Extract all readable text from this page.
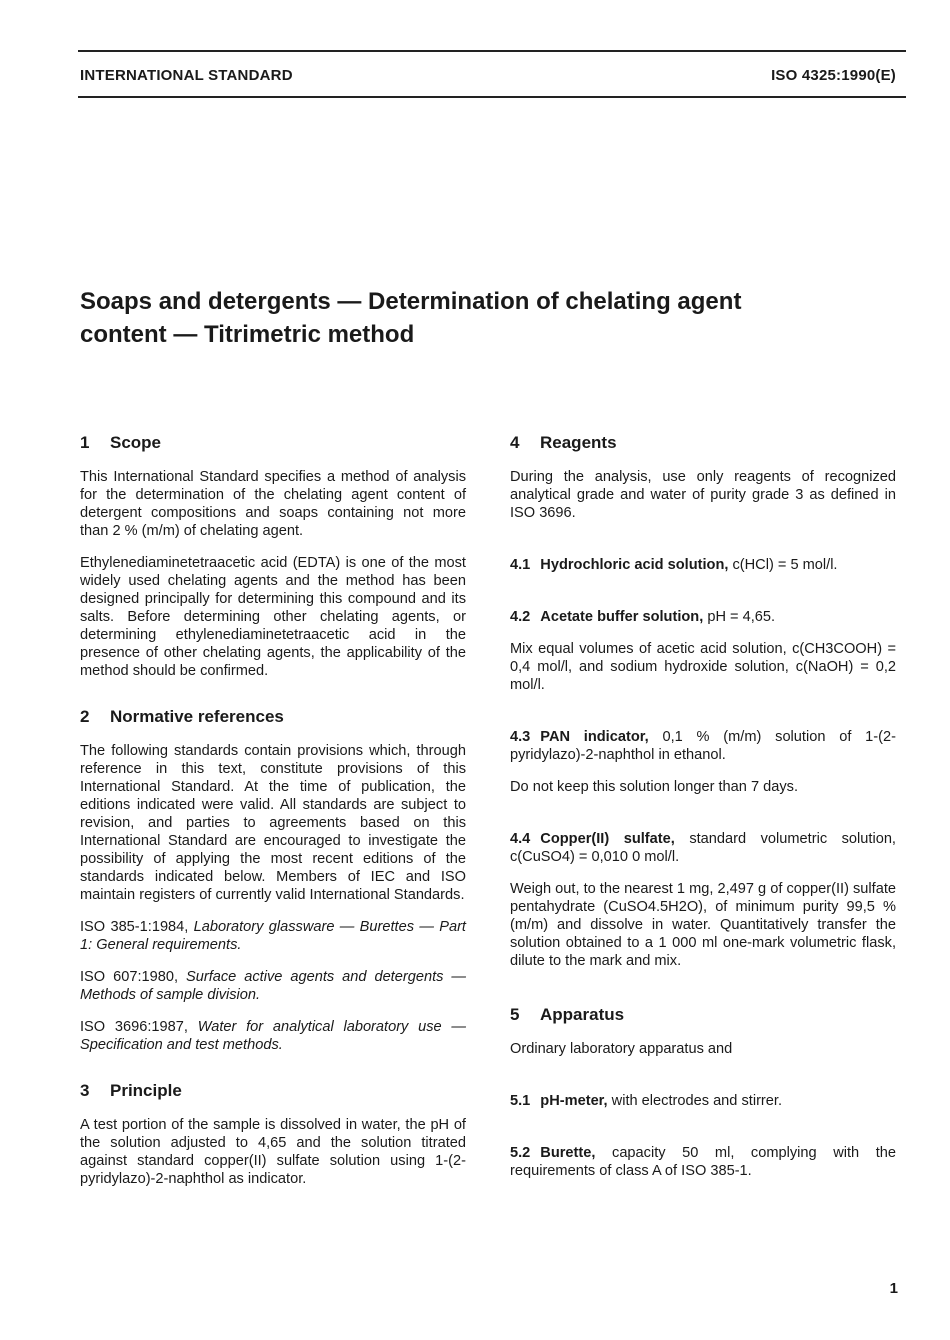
INTERNATIONAL STANDARD	ISO 4325:1990(E)
Soaps and detergents — Determination of chelating agent
content — Titrimetric method
1 Scope

This International Standard specifies a method of analysis for the determination of the chelating agent content of detergent compositions and soaps containing not more than 2 % (m/m) of chelating agent.

Ethylenediaminetetraacetic acid (EDTA) is one of the most widely used chelating agents and the method has been designed principally for determining this compound and its salts. Before determining other chelating agents, or determining ethylenediaminetetraacetic acid in the presence of other chelating agents, the applicability of the method should be confirmed.

2 Normative references

The following standards contain provisions which, through reference in this text, constitute provisions of this International Standard. At the time of publication, the editions indicated were valid. All standards are subject to revision, and parties to agreements based on this International Standard are encouraged to investigate the possibility of applying the most recent editions of the standards indicated below. Members of IEC and ISO maintain registers of currently valid International Standards.

ISO 385-1:1984, Laboratory glassware — Burettes — Part 1: General requirements.

ISO 607:1980, Surface active agents and detergents — Methods of sample division.

ISO 3696:1987, Water for analytical laboratory use — Specification and test methods.

3 Principle

A test portion of the sample is dissolved in water, the pH of the solution adjusted to 4,65 and the solution titrated against standard copper(II) sulfate solution using 1-(2-pyridylazo)-2-naphthol as indicator.

4 Reagents

During the analysis, use only reagents of recognized analytical grade and water of purity grade 3 as defined in ISO 3696.

4.1 Hydrochloric acid solution, c(HCl) = 5 mol/l.

4.2 Acetate buffer solution, pH = 4,65.

Mix equal volumes of acetic acid solution, c(CH3COOH) = 0,4 mol/l, and sodium hydroxide solution, c(NaOH) = 0,2 mol/l.

4.3 PAN indicator, 0,1 % (m/m) solution of 1-(2-pyridylazo)-2-naphthol in ethanol.

Do not keep this solution longer than 7 days.

4.4 Copper(II) sulfate, standard volumetric solution, c(CuSO4) = 0,010 0 mol/l.

Weigh out, to the nearest 1 mg, 2,497 g of copper(II) sulfate pentahydrate (CuSO4.5H2O), of minimum purity 99,5 % (m/m) and dissolve in water. Quantitatively transfer the solution obtained to a 1 000 ml one-mark volumetric flask, dilute to the mark and mix.

5 Apparatus

Ordinary laboratory apparatus and

5.1 pH-meter, with electrodes and stirrer.

5.2 Burette, capacity 50 ml, complying with the requirements of class A of ISO 385-1.

1
